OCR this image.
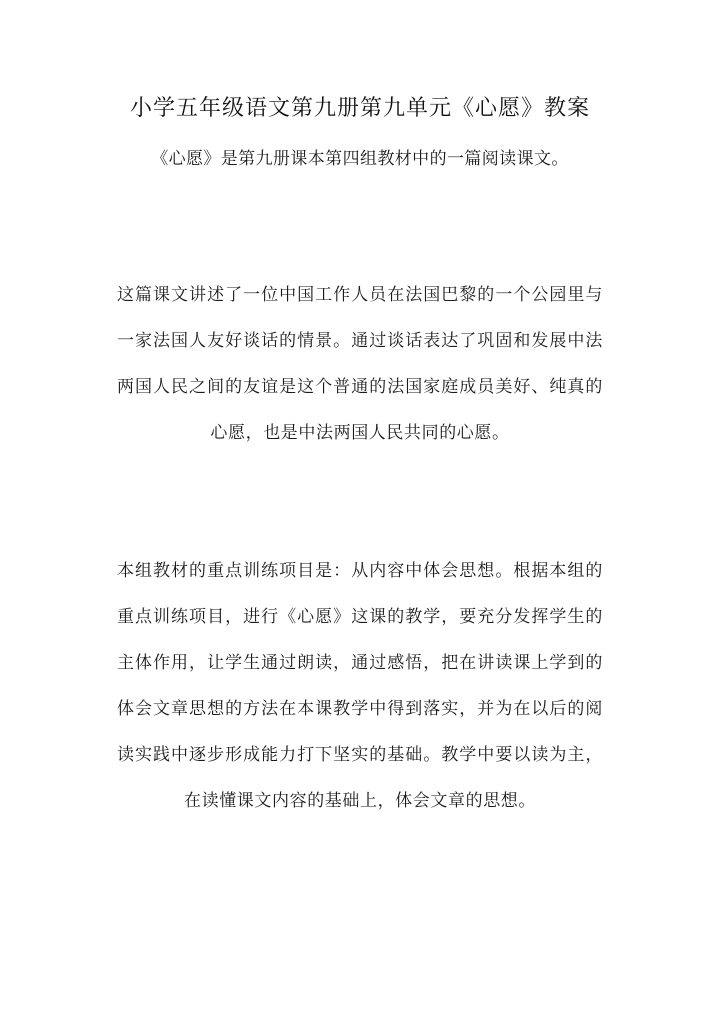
小学五年级语文第九册第九单元《心愿》教案
《心愿》是第九册课本第四组教材中的一篇阅读课文。
这篇课文讲述了一位中国工作人员在法国巴黎的一个公园里与
一家法国人友好谈话的情景。通过谈话表达了巩固和发展中法
两国人民之间的友谊是这个普通的法国家庭成员美好、纯真的
心愿，也是中法两国人民共同的心愿。
本组教材的重点训练项目是：从内容中体会思想。根据本组的
重点训练项目，进行《心愿》这课的教学，要充分发挥学生的
主体作用，让学生通过朗读，通过感悟，把在讲读课上学到的
体会文章思想的方法在本课教学中得到落实，并为在以后的阅
读实践中逐步形成能力打下坚实的基础。教学中要以读为主，
在读懂课文内容的基础上，体会文章的思想。
